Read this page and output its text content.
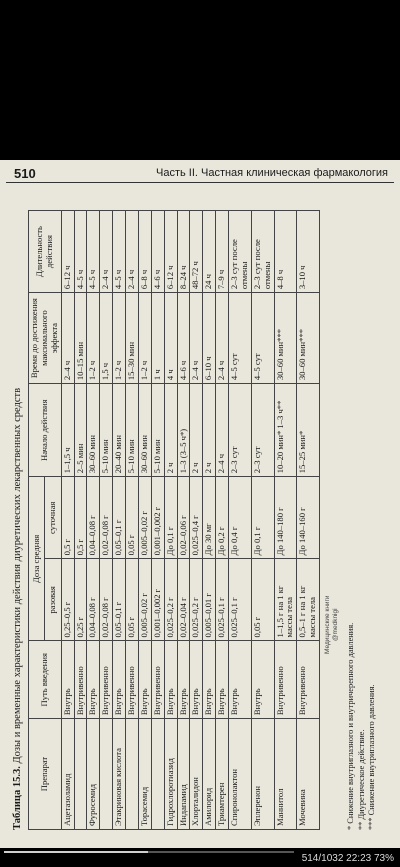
510	Часть II. Частная клиническая фармакология
Таблица 15.3. Дозы и временные характеристики действия диуретических лекарственных средств
Препарат	Путь введения	Доза средняя		Начало действия	Время до достижения максимального эффекта	Длительность действия
		разовая	суточная			
Ацетазоламид	Внутрь	0,25–0,5 г	0,5 г	1–1,5 ч	2–4 ч	6–12 ч
	Внутривенно	0,25 г	0,5 г	2–5 мин	10–15 мин	4–5 ч
Фуросемид	Внутрь	0,04–0,08 г	0,04–0,08 г	30–60 мин	1–2 ч	4–5 ч
	Внутривенно	0,02–0,08 г	0,02–0,08 г	5–10 мин	1,5 ч	2–4 ч
Этакриновая кислота	Внутрь	0,05–0,1 г	0,05–0,1 г	20–40 мин	1–2 ч	4–5 ч
	Внутривенно	0,05 г	0,05 г	5–10 мин	15–30 мин	2–4 ч
Торасемид	Внутрь	0,005–0,02 г	0,005–0,02 г	30–60 мин	1–2 ч	6–8 ч
	Внутривенно	0,001–0,002 г	0,001–0,002 г	5–10 мин	1 ч	4–6 ч
Гидрохлоротиазид	Внутрь	0,025–0,2 г	До 0,1 г	2 ч	4 ч	6–12 ч
Индапамид	Внутрь	0,02–0,04 г	0,02–0,06 г	1–3 (3–5 ч*)	4–6 ч	8–24 ч
Хлорталидон	Внутрь	0,025–0,2 г	0,025–0,4 г	2 ч	2–4 ч	48–72 ч
Амилорид	Внутрь	0,005–0,01 г	До 30 мг	2 ч	6–10 ч	24 ч
Триамтерен	Внутрь	0,025–0,1 г	До 0,2 г	2–4 ч	2–4 ч	7–9 ч
Спиронолактон	Внутрь	0,025–0,1 г	До 0,4 г	2–3 сут	4–5 сут	2–3 сут после отмены
Эплеренон	Внутрь	0,05 г	До 0,1 г	2–3 сут	4–5 сут	2–3 сут после отмены
Маннитол	Внутривенно	1–1,5 г на 1 кг массы тела	До 140–180 г	10–20 мин* 1–3 ч**	30–60 мин***	4–8 ч
Мочевина	Внутривенно	0,5–1 г на 1 кг массы тела	До 140–160 г	15–25 мин*	30–60 мин***	3–10 ч
Медицинские книги @medknigi * Снижение внутриглазного и внутричерепного давления. ** Диуретическое действие. *** Снижение внутриглазного давления.
514/1032 22:23 73%
